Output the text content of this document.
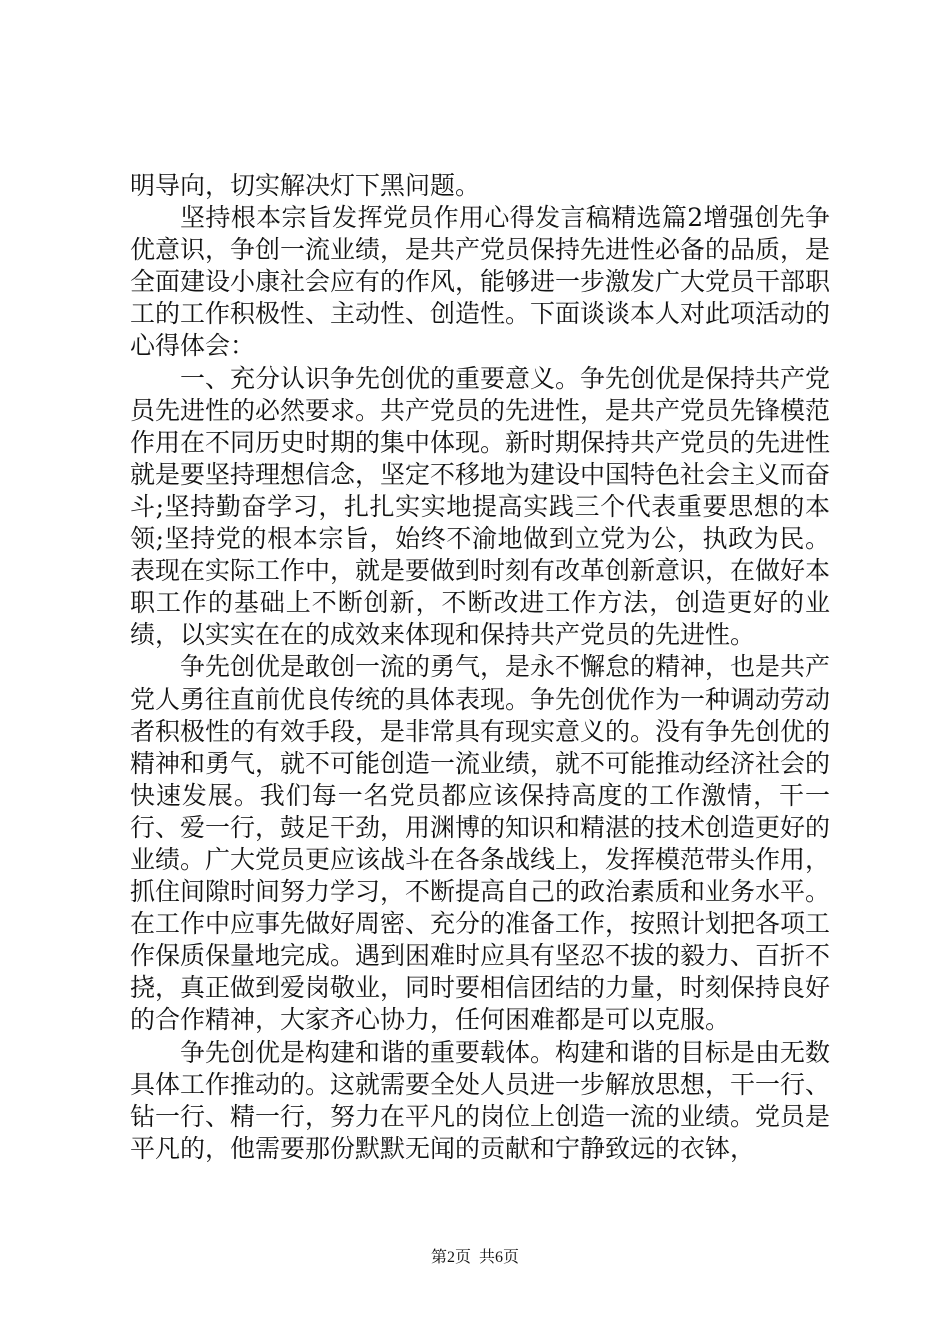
明导向，切实解决灯下黑问题。

坚持根本宗旨发挥党员作用心得发言稿精选篇2增强创先争优意识，争创一流业绩，是共产党员保持先进性必备的品质，是全面建设小康社会应有的作风，能够进一步激发广大党员干部职工的工作积极性、主动性、创造性。下面谈谈本人对此项活动的心得体会：

一、充分认识争先创优的重要意义。争先创优是保持共产党员先进性的必然要求。共产党员的先进性，是共产党员先锋模范作用在不同历史时期的集中体现。新时期保持共产党员的先进性就是要坚持理想信念，坚定不移地为建设中国特色社会主义而奋斗;坚持勤奋学习，扎扎实实地提高实践三个代表重要思想的本领;坚持党的根本宗旨，始终不渝地做到立党为公，执政为民。表现在实际工作中，就是要做到时刻有改革创新意识，在做好本职工作的基础上不断创新，不断改进工作方法，创造更好的业绩，以实实在在的成效来体现和保持共产党员的先进性。

争先创优是敢创一流的勇气，是永不懈怠的精神，也是共产党人勇往直前优良传统的具体表现。争先创优作为一种调动劳动者积极性的有效手段，是非常具有现实意义的。没有争先创优的精神和勇气，就不可能创造一流业绩，就不可能推动经济社会的快速发展。我们每一名党员都应该保持高度的工作激情，干一行、爱一行，鼓足干劲，用渊博的知识和精湛的技术创造更好的业绩。广大党员更应该战斗在各条战线上，发挥模范带头作用，抓住间隙时间努力学习，不断提高自己的政治素质和业务水平。在工作中应事先做好周密、充分的准备工作，按照计划把各项工作保质保量地完成。遇到困难时应具有坚忍不拔的毅力、百折不挠，真正做到爱岗敬业，同时要相信团结的力量，时刻保持良好的合作精神，大家齐心协力，任何困难都是可以克服。

争先创优是构建和谐的重要载体。构建和谐的目标是由无数具体工作推动的。这就需要全处人员进一步解放思想，干一行、钻一行、精一行，努力在平凡的岗位上创造一流的业绩。党员是平凡的，他需要那份默默无闻的贡献和宁静致远的衣钵，

第2页  共6页
